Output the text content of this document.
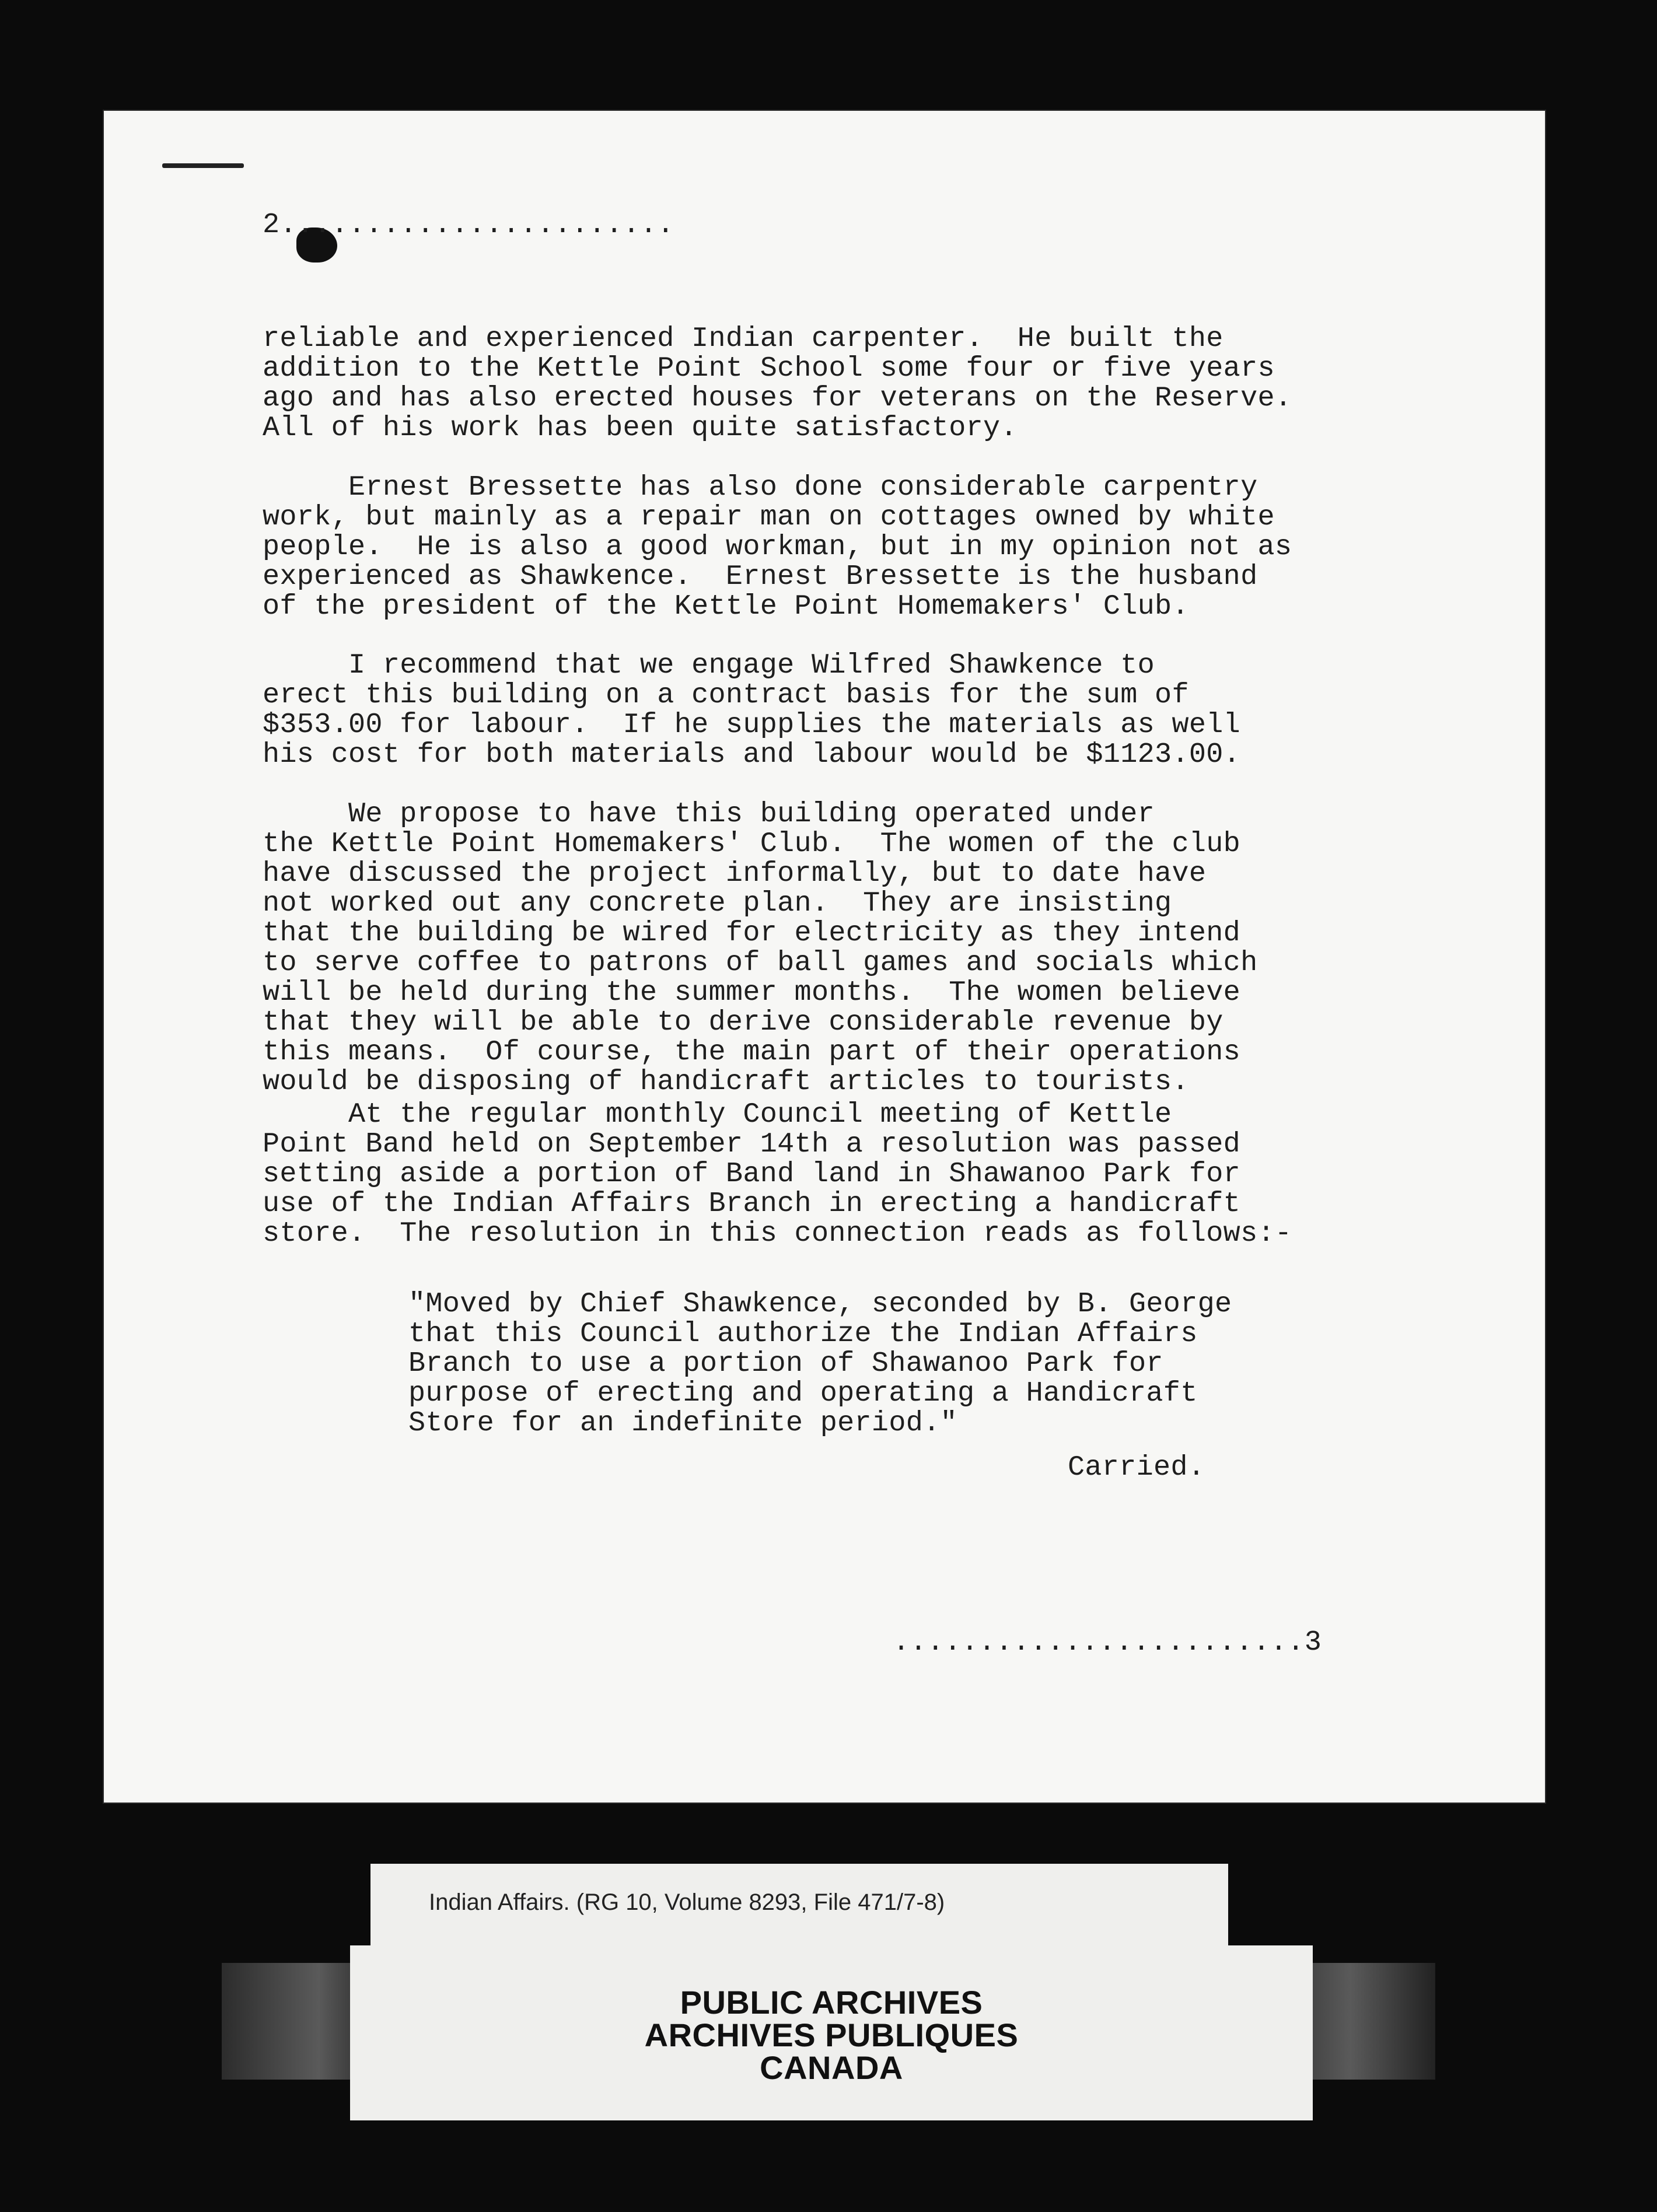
2.......................
reliable and experienced Indian carpenter.  He built the
addition to the Kettle Point School some four or five years
ago and has also erected houses for veterans on the Reserve.
All of his work has been quite satisfactory.
Ernest Bressette has also done considerable carpentry
work, but mainly as a repair man on cottages owned by white
people.  He is also a good workman, but in my opinion not as
experienced as Shawkence.  Ernest Bressette is the husband
of the president of the Kettle Point Homemakers' Club.
I recommend that we engage Wilfred Shawkence to
erect this building on a contract basis for the sum of
$353.00 for labour.  If he supplies the materials as well
his cost for both materials and labour would be $1123.00.
We propose to have this building operated under
the Kettle Point Homemakers' Club.  The women of the club
have discussed the project informally, but to date have
not worked out any concrete plan.  They are insisting
that the building be wired for electricity as they intend
to serve coffee to patrons of ball games and socials which
will be held during the summer months.  The women believe
that they will be able to derive considerable revenue by
this means.  Of course, the main part of their operations
would be disposing of handicraft articles to tourists.
At the regular monthly Council meeting of Kettle
Point Band held on September 14th a resolution was passed
setting aside a portion of Band land in Shawanoo Park for
use of the Indian Affairs Branch in erecting a handicraft
store.  The resolution in this connection reads as follows:-
"Moved by Chief Shawkence, seconded by B. George
that this Council authorize the Indian Affairs
Branch to use a portion of Shawanoo Park for
purpose of erecting and operating a Handicraft
Store for an indefinite period."
Carried.
........................3
Indian Affairs. (RG 10, Volume 8293, File 471/7-8)
PUBLIC ARCHIVES
ARCHIVES PUBLIQUES
CANADA
